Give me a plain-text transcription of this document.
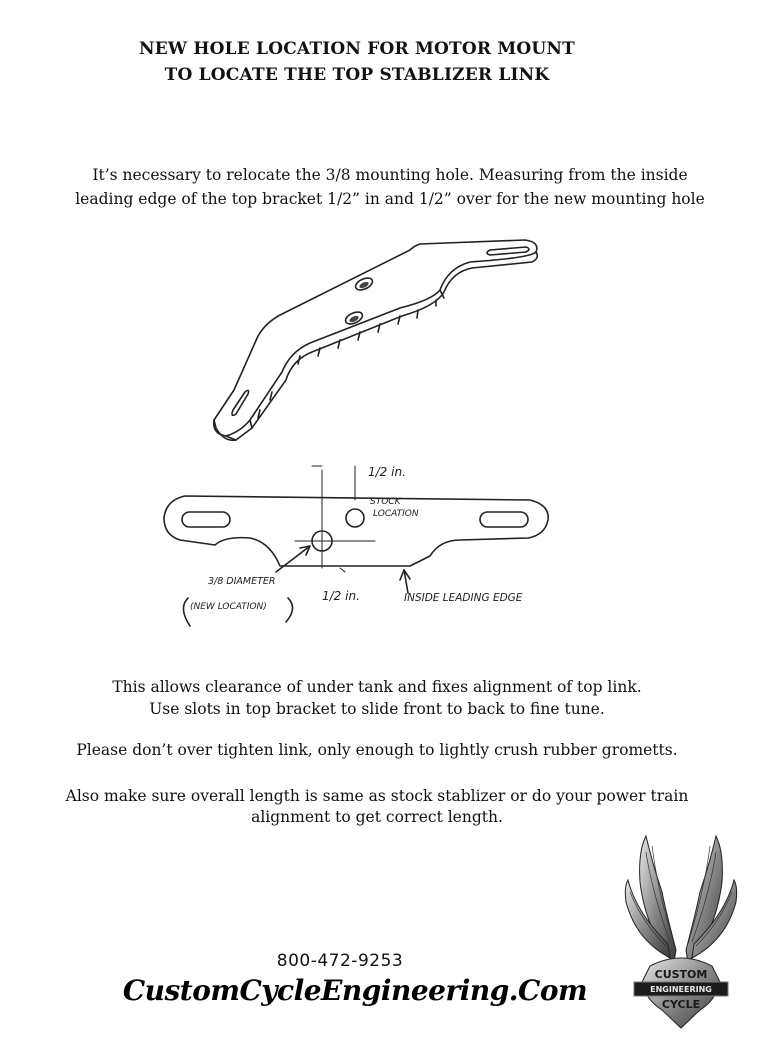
NEW HOLE LOCATION FOR MOTOR MOUNT
TO LOCATE THE TOP STABLIZER LINK
It’s necessary to relocate the 3/8 mounting hole. Measuring from the inside
leading edge of the top bracket 1/2” in and 1/2” over for the new mounting hole
1/2 in.
STOCK
LOCATION
3/8 DIAMETER
(NEW LOCATION)
1/2 in.	INSIDE LEADING EDGE
This allows clearance of under tank and fixes alignment of top link.
Use slots in top bracket to slide front to back to fine tune.
Please don’t over tighten link, only enough to lightly crush rubber grometts.
Also make sure overall length is same as stock stablizer or do your power train
alignment to get correct length.
800-472-9253
CustomCycleEngineering.Com	CUSTOM
ENGINEERING
CYCLE
